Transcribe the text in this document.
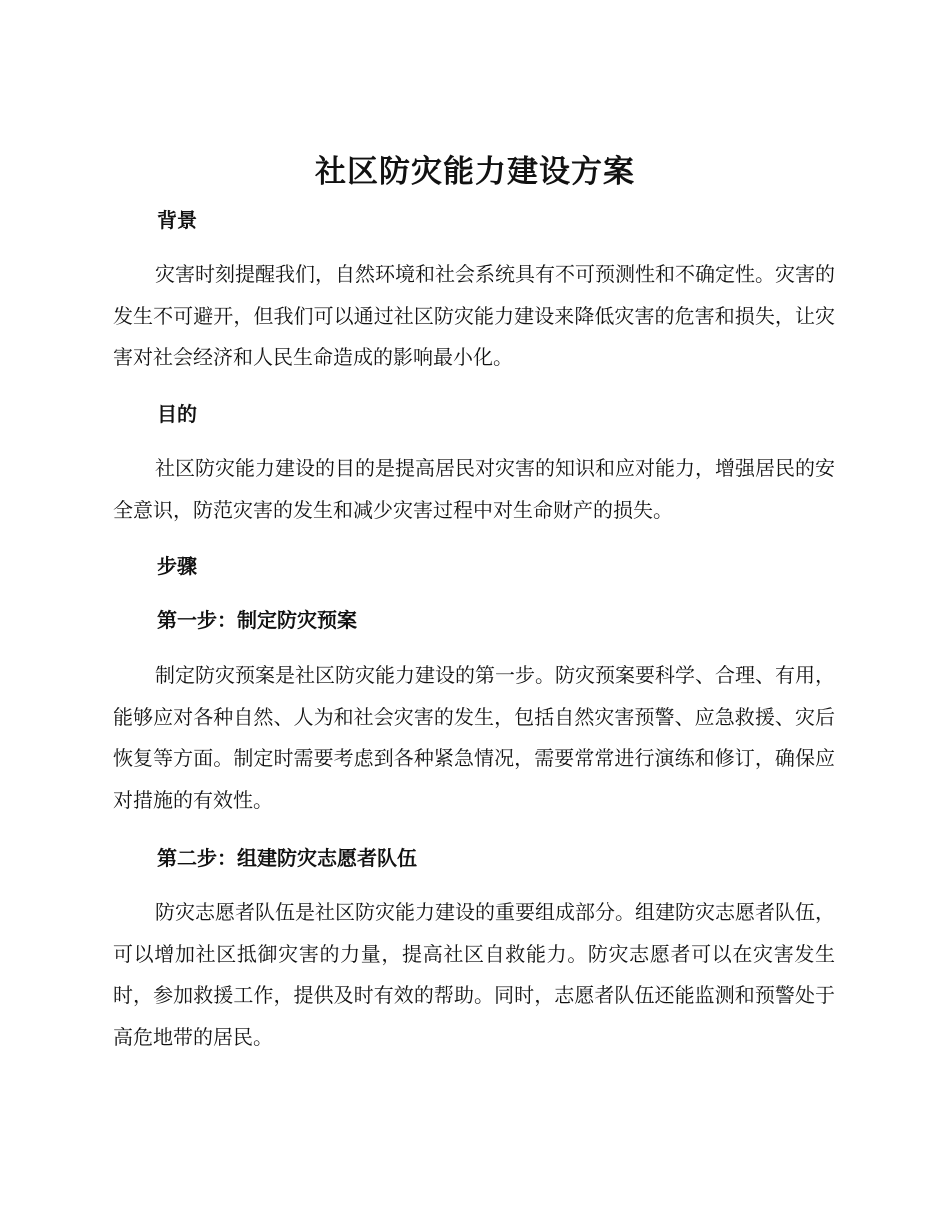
社区防灾能力建设方案
背景
灾害时刻提醒我们，自然环境和社会系统具有不可预测性和不确定性。灾害的发生不可避开，但我们可以通过社区防灾能力建设来降低灾害的危害和损失，让灾害对社会经济和人民生命造成的影响最小化。
目的
社区防灾能力建设的目的是提高居民对灾害的知识和应对能力，增强居民的安全意识，防范灾害的发生和减少灾害过程中对生命财产的损失。
步骤
第一步：制定防灾预案
制定防灾预案是社区防灾能力建设的第一步。防灾预案要科学、合理、有用，能够应对各种自然、人为和社会灾害的发生，包括自然灾害预警、应急救援、灾后恢复等方面。制定时需要考虑到各种紧急情况，需要常常进行演练和修订，确保应对措施的有效性。
第二步：组建防灾志愿者队伍
防灾志愿者队伍是社区防灾能力建设的重要组成部分。组建防灾志愿者队伍，可以增加社区抵御灾害的力量，提高社区自救能力。防灾志愿者可以在灾害发生时，参加救援工作，提供及时有效的帮助。同时，志愿者队伍还能监测和预警处于高危地带的居民。
